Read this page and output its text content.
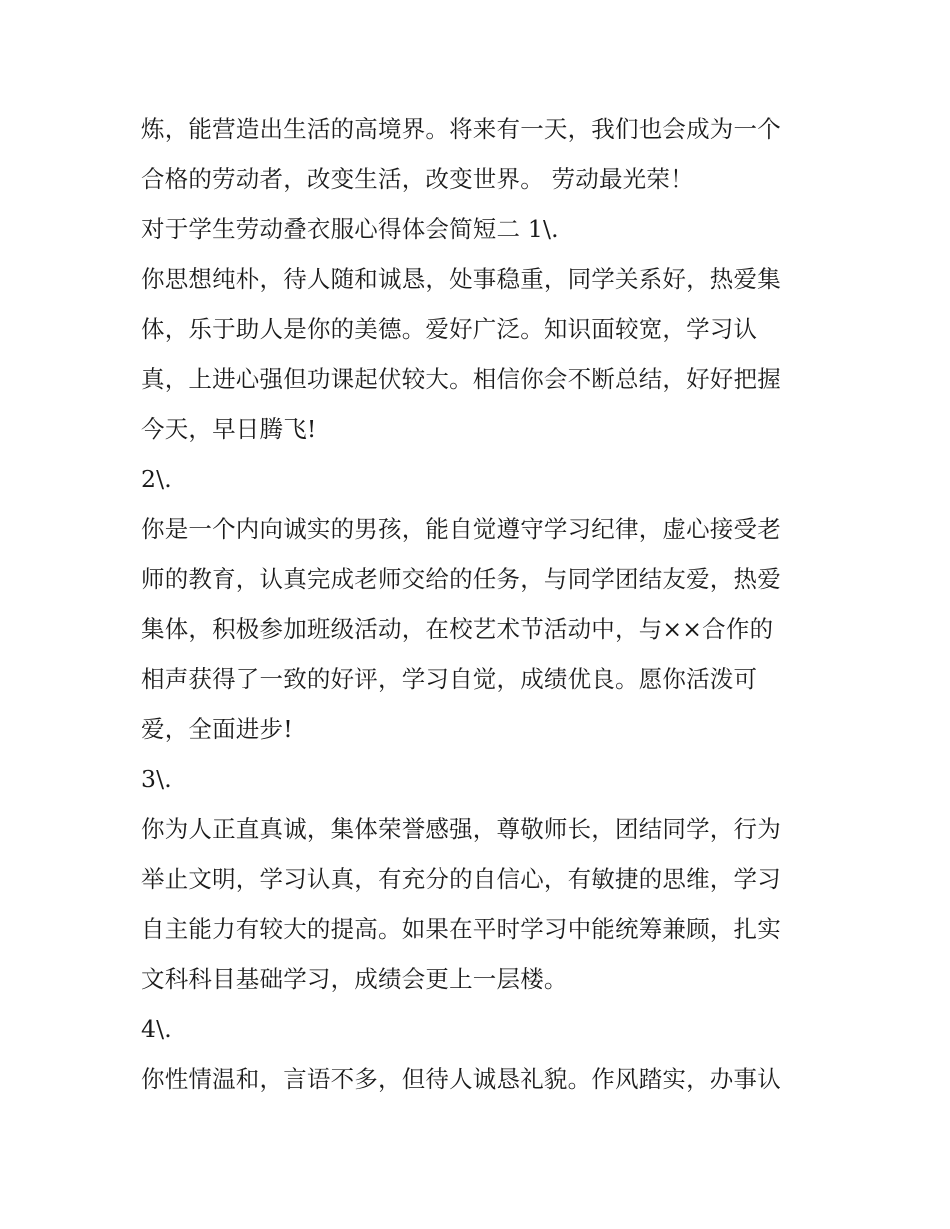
炼，能营造出生活的高境界。将来有一天，我们也会成为一个
合格的劳动者，改变生活，改变世界。 劳动最光荣！
对于学生劳动叠衣服心得体会简短二 1\.
你思想纯朴，待人随和诚恳，处事稳重，同学关系好，热爱集
体，乐于助人是你的美德。爱好广泛。知识面较宽，学习认
真，上进心强但功课起伏较大。相信你会不断总结，好好把握
今天，早日腾飞!
2\.
你是一个内向诚实的男孩，能自觉遵守学习纪律，虚心接受老
师的教育，认真完成老师交给的任务，与同学团结友爱，热爱
集体，积极参加班级活动，在校艺术节活动中，与××合作的
相声获得了一致的好评，学习自觉，成绩优良。愿你活泼可
爱，全面进步!
3\.
你为人正直真诚，集体荣誉感强，尊敬师长，团结同学，行为
举止文明，学习认真，有充分的自信心，有敏捷的思维，学习
自主能力有较大的提高。如果在平时学习中能统筹兼顾，扎实
文科科目基础学习，成绩会更上一层楼。
4\.
你性情温和，言语不多，但待人诚恳礼貌。作风踏实，办事认
